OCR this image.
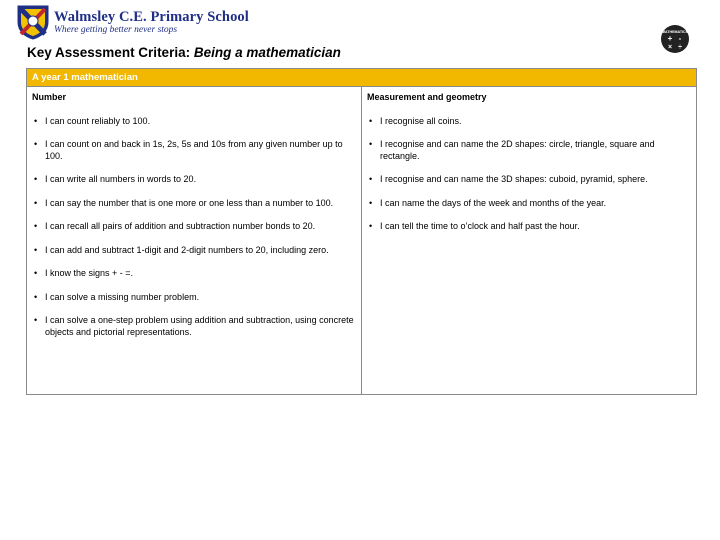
Walmsley C.E. Primary School
Where getting better never stops	MATHEMATICS
+ -
× ÷
Key Assessment Criteria: Being a mathematician
A year 1 mathematician
Number
• I can count reliably to 100.
• I can count on and back in 1s, 2s, 5s and 10s from any given number up to 100.
• I can write all numbers in words to 20.
• I can say the number that is one more or one less than a number to 100.
• I can recall all pairs of addition and subtraction number bonds to 20.
• I can add and subtract 1-digit and 2-digit numbers to 20, including zero.
• I know the signs + - =.
• I can solve a missing number problem.
• I can solve a one-step problem using addition and subtraction, using concrete objects and pictorial representations.
Measurement and geometry
• I recognise all coins.
• I recognise and can name the 2D shapes: circle, triangle, square and rectangle.
• I recognise and can name the 3D shapes: cuboid, pyramid, sphere.
• I can name the days of the week and months of the year.
• I can tell the time to o’clock and half past the hour.
